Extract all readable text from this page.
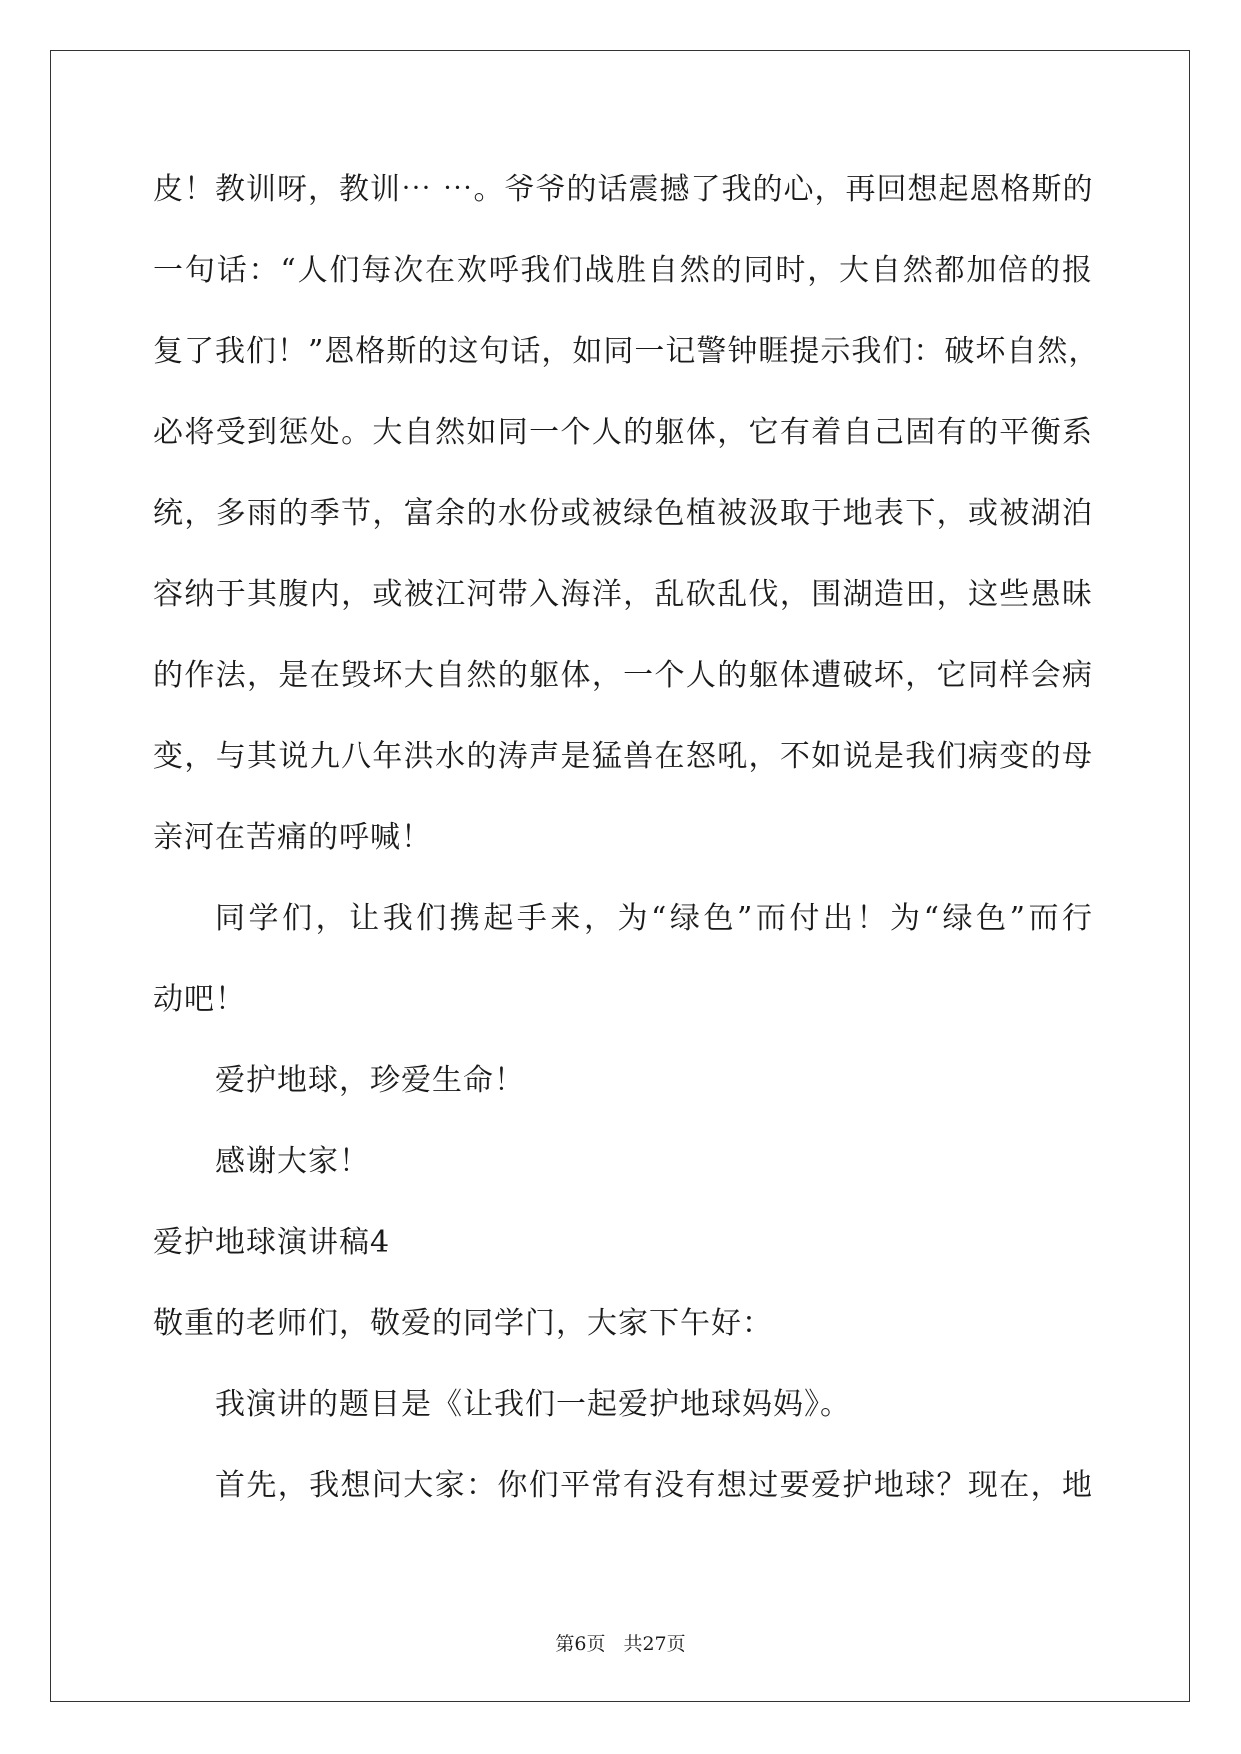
皮！教训呀，教训⋯ ⋯。爷爷的话震撼了我的心，再回想起恩格斯的
一句话：“人们每次在欢呼我们战胜自然的同时，大自然都加倍的报
复了我们！”恩格斯的这句话，如同一记警钟睚提示我们：破坏自然，
必将受到惩处。大自然如同一个人的躯体，它有着自己固有的平衡系
统，多雨的季节，富余的水份或被绿色植被汲取于地表下，或被湖泊
容纳于其腹内，或被江河带入海洋，乱砍乱伐，围湖造田，这些愚昧
的作法，是在毁坏大自然的躯体，一个人的躯体遭破坏，它同样会病
变，与其说九八年洪水的涛声是猛兽在怒吼，不如说是我们病变的母
亲河在苦痛的呼喊！
同学们，让我们携起手来，为“绿色”而付出！为“绿色”而行
动吧！
爱护地球，珍爱生命！
感谢大家！
爱护地球演讲稿4
敬重的老师们，敬爱的同学门，大家下午好：
我演讲的题目是《让我们一起爱护地球妈妈》。
首先，我想问大家：你们平常有没有想过要爱护地球？现在，地
第6页 共27页
